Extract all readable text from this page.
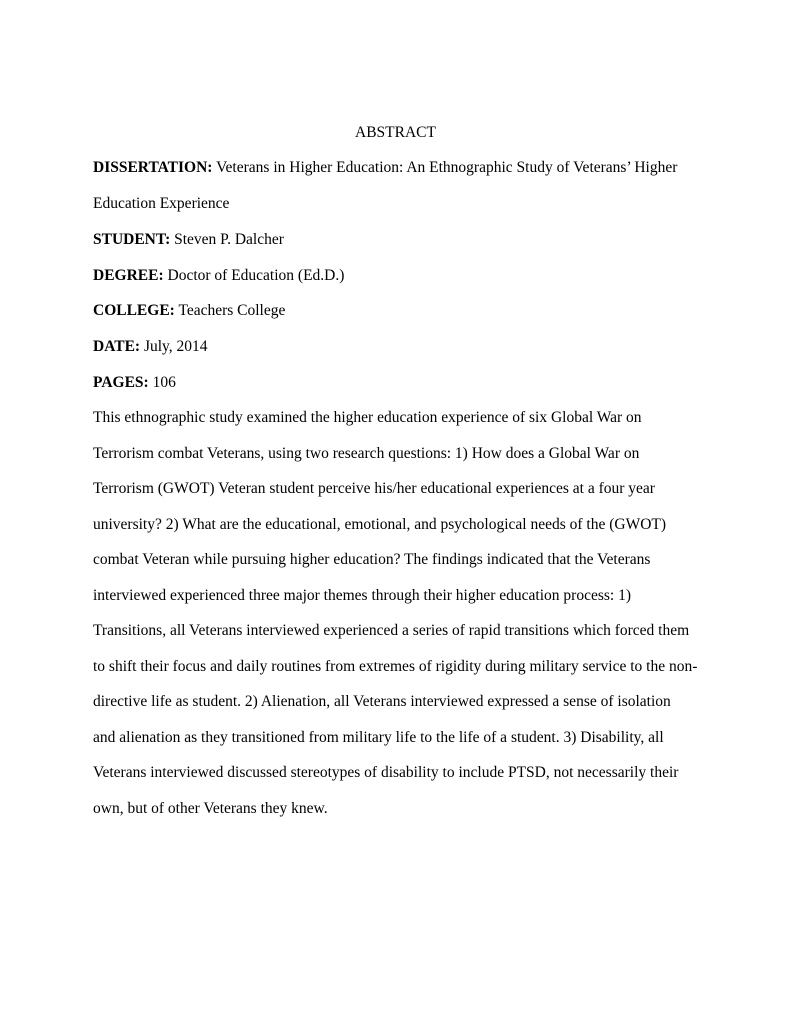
ABSTRACT

DISSERTATION: Veterans in Higher Education: An Ethnographic Study of Veterans’ Higher

Education Experience

STUDENT: Steven P. Dalcher

DEGREE: Doctor of Education (Ed.D.)

COLLEGE: Teachers College

DATE: July, 2014

PAGES: 106

This ethnographic study examined the higher education experience of six Global War on
Terrorism combat Veterans, using two research questions: 1) How does a Global War on
Terrorism (GWOT) Veteran student perceive his/her educational experiences at a four year
university? 2) What are the educational, emotional, and psychological needs of the (GWOT)
combat Veteran while pursuing higher education? The findings indicated that the Veterans
interviewed experienced three major themes through their higher education process: 1)
Transitions, all Veterans interviewed experienced a series of rapid transitions which forced them
to shift their focus and daily routines from extremes of rigidity during military service to the non-
directive life as student. 2) Alienation, all Veterans interviewed expressed a sense of isolation
and alienation as they transitioned from military life to the life of a student. 3) Disability, all
Veterans interviewed discussed stereotypes of disability to include PTSD, not necessarily their
own, but of other Veterans they knew.
